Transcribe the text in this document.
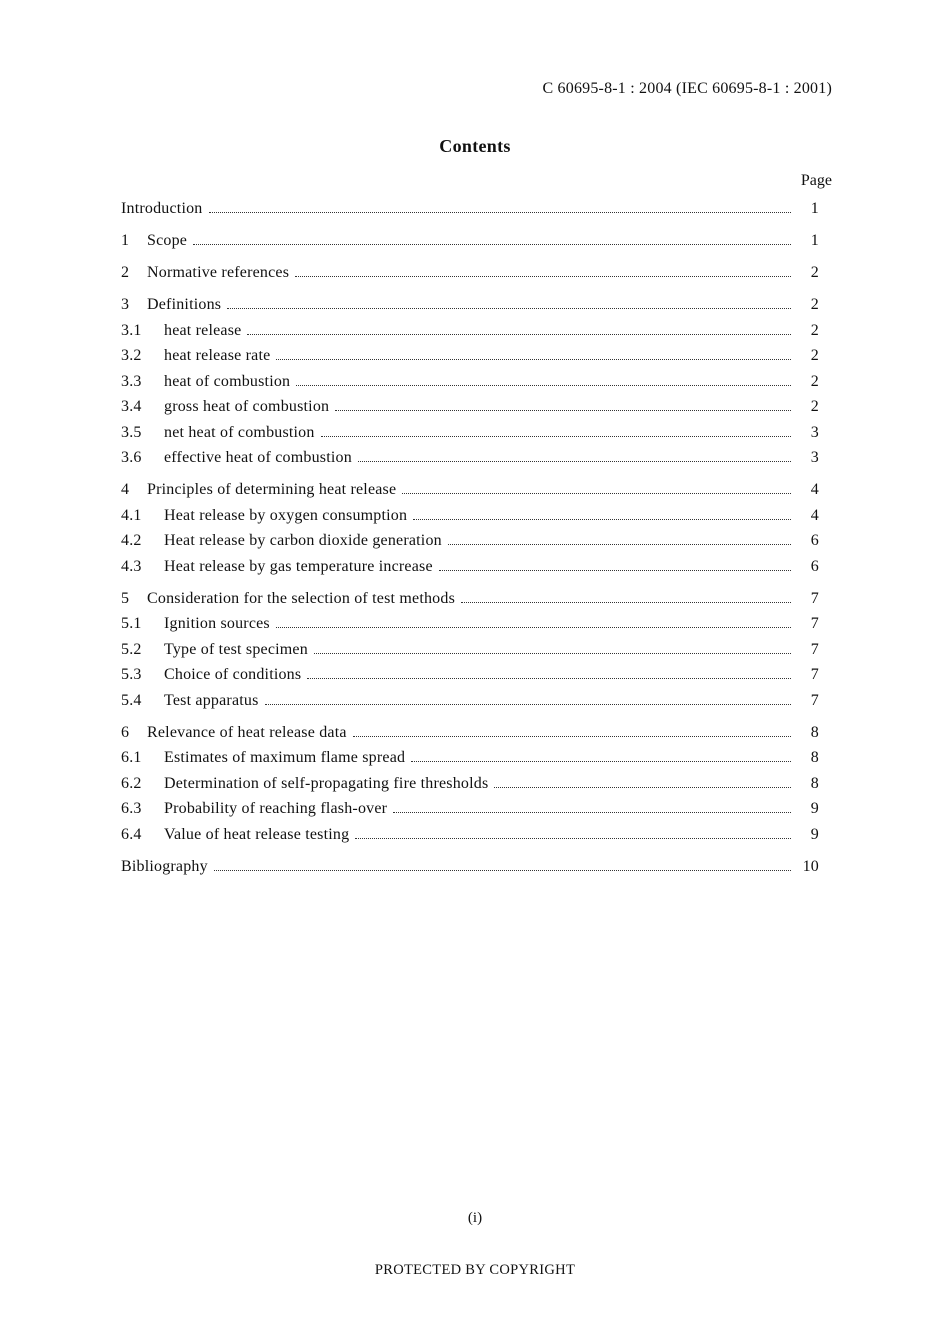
C 60695-8-1 : 2004 (IEC 60695-8-1 : 2001)
Contents
Page
Introduction	1
1	Scope	1
2	Normative references	2
3	Definitions	2
3.1	heat release	2
3.2	heat release rate	2
3.3	heat of combustion	2
3.4	gross heat of combustion	2
3.5	net heat of combustion	3
3.6	effective heat of combustion	3
4	Principles of determining heat release	4
4.1	Heat release by oxygen consumption	4
4.2	Heat release by carbon dioxide generation	6
4.3	Heat release by gas temperature increase	6
5	Consideration for the selection of test methods	7
5.1	Ignition sources	7
5.2	Type of test specimen	7
5.3	Choice of conditions	7
5.4	Test apparatus	7
6	Relevance of heat release data	8
6.1	Estimates of maximum flame spread	8
6.2	Determination of self-propagating fire thresholds	8
6.3	Probability of reaching flash-over	9
6.4	Value of heat release testing	9
Bibliography	10
(i)
PROTECTED BY COPYRIGHT
